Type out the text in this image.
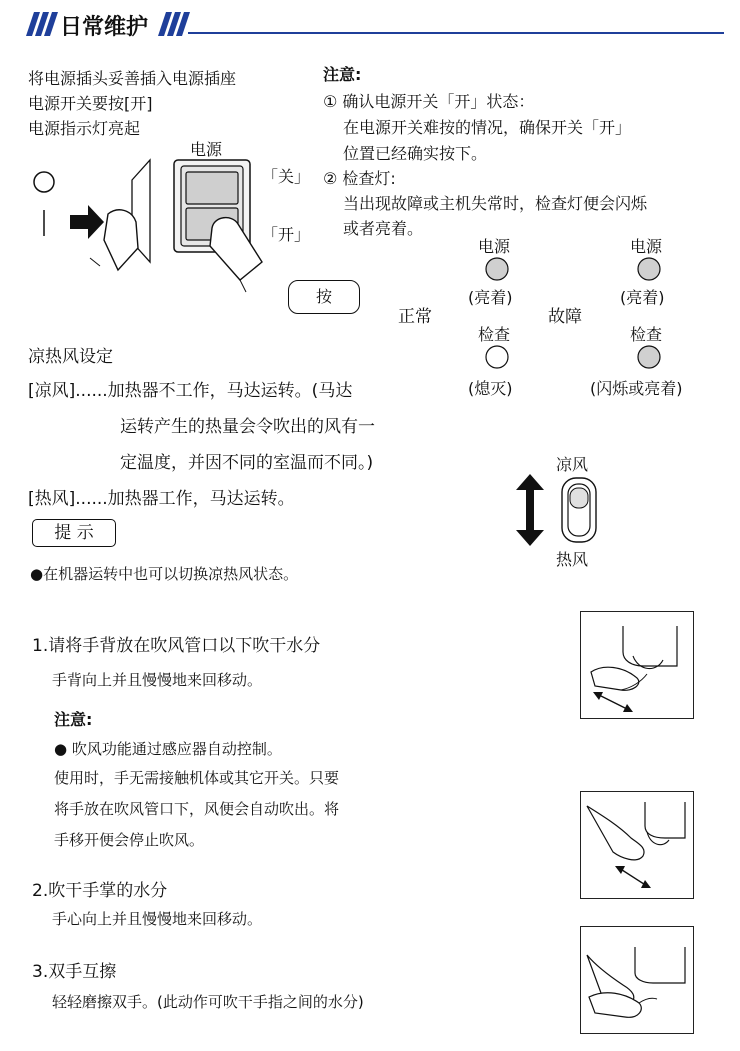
日常维护
将电源插头妥善插入电源插座
电源开关要按[开]
电源指示灯亮起
电源
「关」
「开」
按
注意:
① 确认电源开关「开」状态：
在电源开关难按的情况，确保开关「开」
位置已经确实按下。
② 检查灯:
当出现故障或主机失常时，检查灯便会闪烁
或者亮着。
电源
(亮着)
正常
检查
(熄灭)
电源
(亮着)
故障
检查
(闪烁或亮着)
凉热风设定
[凉风]......加热器不工作，马达运转。(马达
运转产生的热量会令吹出的风有一
定温度，并因不同的室温而不同。)
[热风]......加热器工作，马达运转。
提 示
●在机器运转中也可以切换凉热风状态。
凉风
热风
1.请将手背放在吹风管口以下吹干水分
手背向上并且慢慢地来回移动。
注意:
● 吹风功能通过感应器自动控制。
使用时，手无需接触机体或其它开关。只要
将手放在吹风管口下，风便会自动吹出。将
手移开便会停止吹风。
2.吹干手掌的水分
手心向上并且慢慢地来回移动。
3.双手互擦
轻轻磨擦双手。(此动作可吹干手指之间的水分)
